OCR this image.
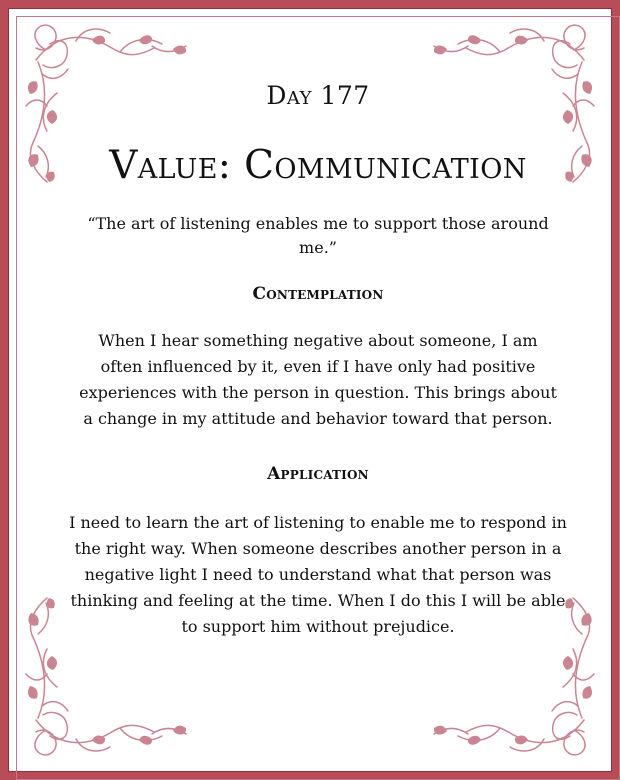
Day 177
Value: Communication

“The art of listening enables me to support those around me.”

Contemplation

When I hear something negative about someone, I am often influenced by it, even if I have only had positive experiences with the person in question. This brings about a change in my attitude and behavior toward that person.

Application

I need to learn the art of listening to enable me to respond in the right way. When someone describes another person in a negative light I need to understand what that person was thinking and feeling at the time. When I do this I will be able to support him without prejudice.
